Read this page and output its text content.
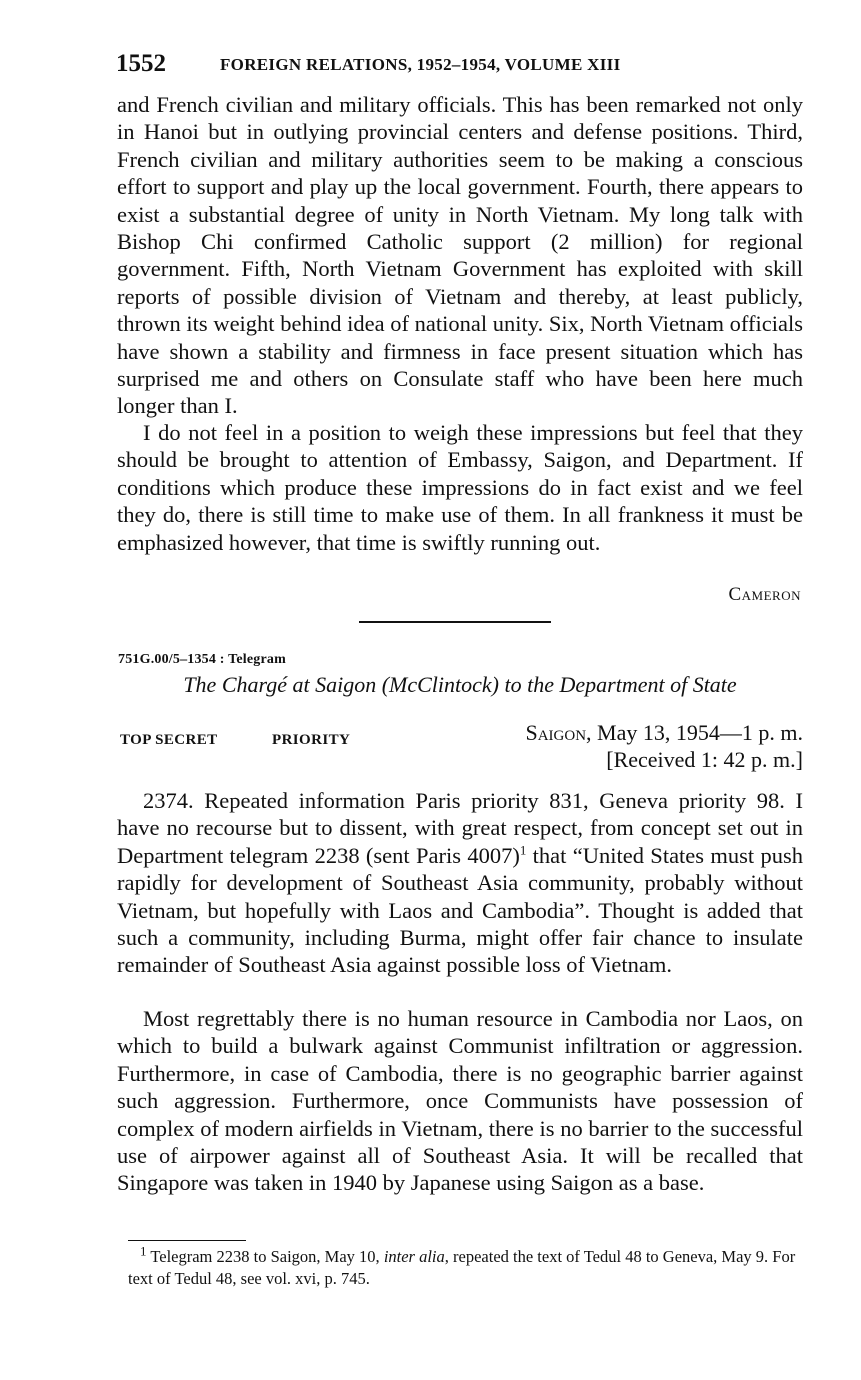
1552	FOREIGN RELATIONS, 1952–1954, VOLUME XIII

and French civilian and military officials. This has been remarked not only in Hanoi but in outlying provincial centers and defense positions. Third, French civilian and military authorities seem to be making a conscious effort to support and play up the local government. Fourth, there appears to exist a substantial degree of unity in North Vietnam. My long talk with Bishop Chi confirmed Catholic support (2 million) for regional government. Fifth, North Vietnam Government has exploited with skill reports of possible division of Vietnam and thereby, at least publicly, thrown its weight behind idea of national unity. Six, North Vietnam officials have shown a stability and firmness in face present situation which has surprised me and others on Consulate staff who have been here much longer than I.

I do not feel in a position to weigh these impressions but feel that they should be brought to attention of Embassy, Saigon, and Department. If conditions which produce these impressions do in fact exist and we feel they do, there is still time to make use of them. In all frankness it must be emphasized however, that time is swiftly running out.

Cameron
751G.00/5–1354 : Telegram
The Chargé at Saigon (McClintock) to the Department of State
TOP SECRET	PRIORITY	Saigon, May 13, 1954—1 p. m.
[Received 1: 42 p. m.]

2374. Repeated information Paris priority 831, Geneva priority 98. I have no recourse but to dissent, with great respect, from concept set out in Department telegram 2238 (sent Paris 4007)$^1$ that “United States must push rapidly for development of Southeast Asia community, probably without Vietnam, but hopefully with Laos and Cambodia”. Thought is added that such a community, including Burma, might offer fair chance to insulate remainder of Southeast Asia against possible loss of Vietnam.

Most regrettably there is no human resource in Cambodia nor Laos, on which to build a bulwark against Communist infiltration or aggression. Furthermore, in case of Cambodia, there is no geographic barrier against such aggression. Furthermore, once Communists have possession of complex of modern airfields in Vietnam, there is no barrier to the successful use of airpower against all of Southeast Asia. It will be recalled that Singapore was taken in 1940 by Japanese using Saigon as a base.

$^1$ Telegram 2238 to Saigon, May 10, inter alia, repeated the text of Tedul 48 to Geneva, May 9. For text of Tedul 48, see vol. xvi, p. 745.
